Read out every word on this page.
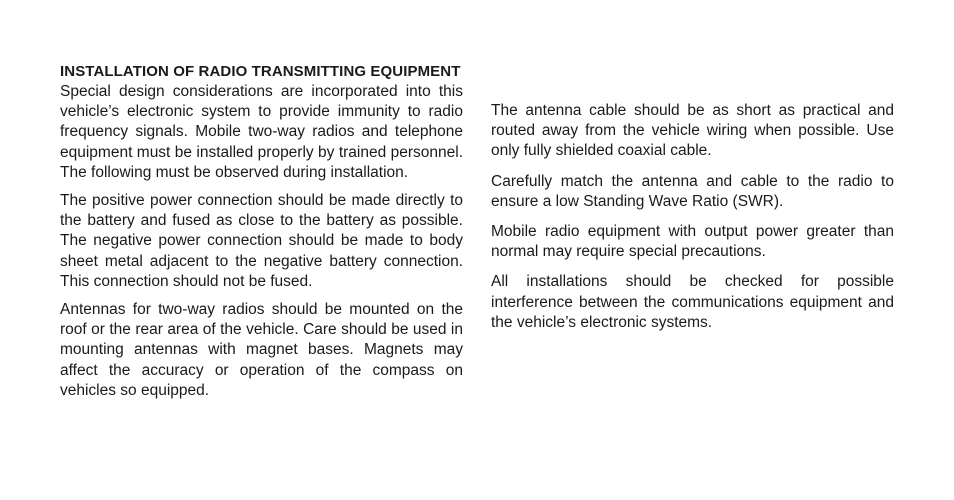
INSTALLATION OF RADIO TRANSMITTING EQUIPMENT

Special design considerations are incorporated into this vehicle’s electronic system to provide immunity to radio frequency signals. Mobile two-way radios and telephone equipment must be installed properly by trained personnel. The following must be observed during installation.

The positive power connection should be made directly to the battery and fused as close to the battery as possible. The negative power connection should be made to body sheet metal adjacent to the negative battery connection. This connection should not be fused.

Antennas for two-way radios should be mounted on the roof or the rear area of the vehicle. Care should be used in mounting antennas with magnet bases. Magnets may affect the accuracy or operation of the compass on vehicles so equipped.

The antenna cable should be as short as practical and routed away from the vehicle wiring when possible. Use only fully shielded coaxial cable.

Carefully match the antenna and cable to the radio to ensure a low Standing Wave Ratio (SWR).

Mobile radio equipment with output power greater than normal may require special precautions.

All installations should be checked for possible interference between the communications equipment and the vehicle’s electronic systems.
